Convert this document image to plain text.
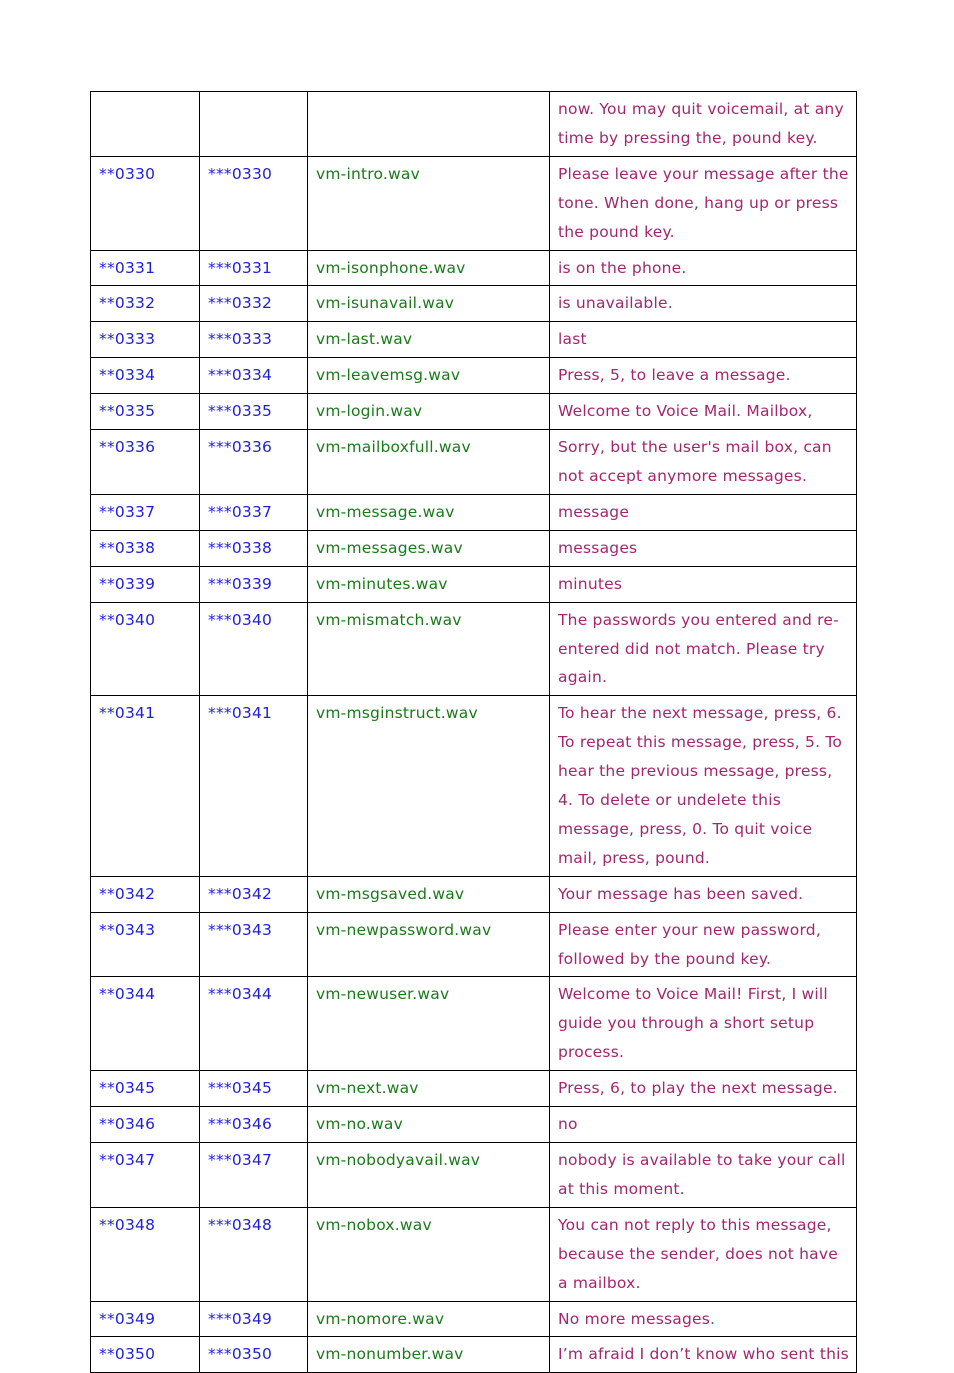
			now. You may quit voicemail, at any time by pressing the, pound key.
**0330	***0330	vm-intro.wav	Please leave your message after the tone. When done, hang up or press the pound key.
**0331	***0331	vm-isonphone.wav	is on the phone.
**0332	***0332	vm-isunavail.wav	is unavailable.
**0333	***0333	vm-last.wav	last
**0334	***0334	vm-leavemsg.wav	Press, 5, to leave a message.
**0335	***0335	vm-login.wav	Welcome to Voice Mail. Mailbox,
**0336	***0336	vm-mailboxfull.wav	Sorry, but the user's mail box, can not accept anymore messages.
**0337	***0337	vm-message.wav	message
**0338	***0338	vm-messages.wav	messages
**0339	***0339	vm-minutes.wav	minutes
**0340	***0340	vm-mismatch.wav	The passwords you entered and re-entered did not match. Please try again.
**0341	***0341	vm-msginstruct.wav	To hear the next message, press, 6. To repeat this message, press, 5. To hear the previous message, press, 4. To delete or undelete this message, press, 0. To quit voice mail, press, pound.
**0342	***0342	vm-msgsaved.wav	Your message has been saved.
**0343	***0343	vm-newpassword.wav	Please enter your new password, followed by the pound key.
**0344	***0344	vm-newuser.wav	Welcome to Voice Mail! First, I will guide you through a short setup process.
**0345	***0345	vm-next.wav	Press, 6, to play the next message.
**0346	***0346	vm-no.wav	no
**0347	***0347	vm-nobodyavail.wav	nobody is available to take your call at this moment.
**0348	***0348	vm-nobox.wav	You can not reply to this message, because the sender, does not have a mailbox.
**0349	***0349	vm-nomore.wav	No more messages.
**0350	***0350	vm-nonumber.wav	I’m afraid I don’t know who sent this
